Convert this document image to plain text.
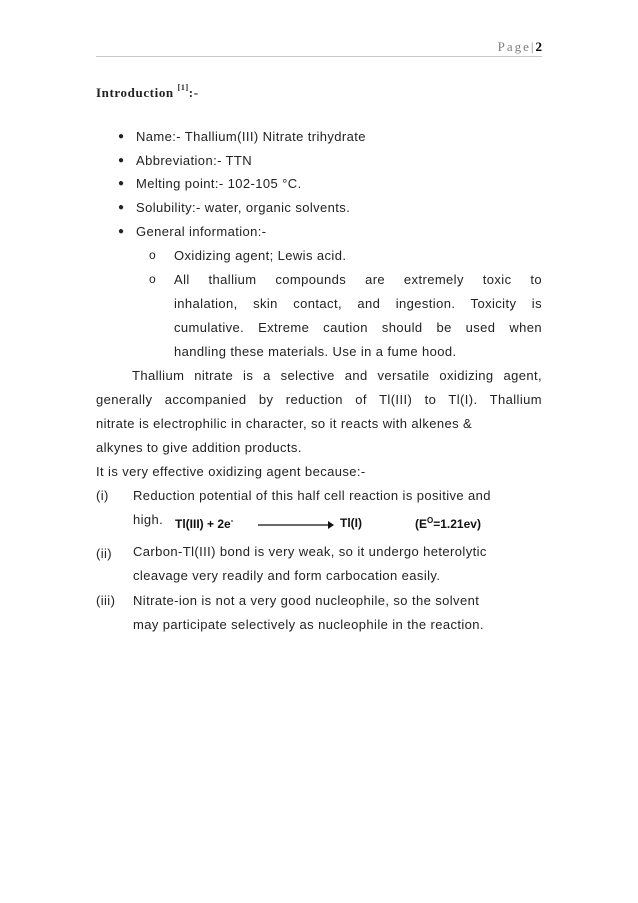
Page|2
Introduction [1]:-
● Name:- Thallium(III) Nitrate trihydrate
● Abbreviation:- TTN
● Melting point:- 102-105 °C.
● Solubility:- water, organic solvents.
● General information:-
o Oxidizing agent; Lewis acid.
o All thallium compounds are extremely toxic to
inhalation, skin contact, and ingestion. Toxicity is
cumulative. Extreme caution should be used when
handling these materials. Use in a fume hood.
Thallium nitrate is a selective and versatile oxidizing agent,
generally accompanied by reduction of Tl(III) to Tl(I). Thallium
nitrate is electrophilic in character, so it reacts with alkenes &
alkynes to give addition products.
It is very effective oxidizing agent because:-
(i) Reduction potential of this half cell reaction is positive and
high. Tl(III) + 2e-	Tl(I)	$(E^O=1.21ev)$
(ii) Carbon-Tl(III) bond is very weak, so it undergo heterolytic
cleavage very readily and form carbocation easily.
(iii) Nitrate-ion is not a very good nucleophile, so the solvent
may participate selectively as nucleophile in the reaction.
